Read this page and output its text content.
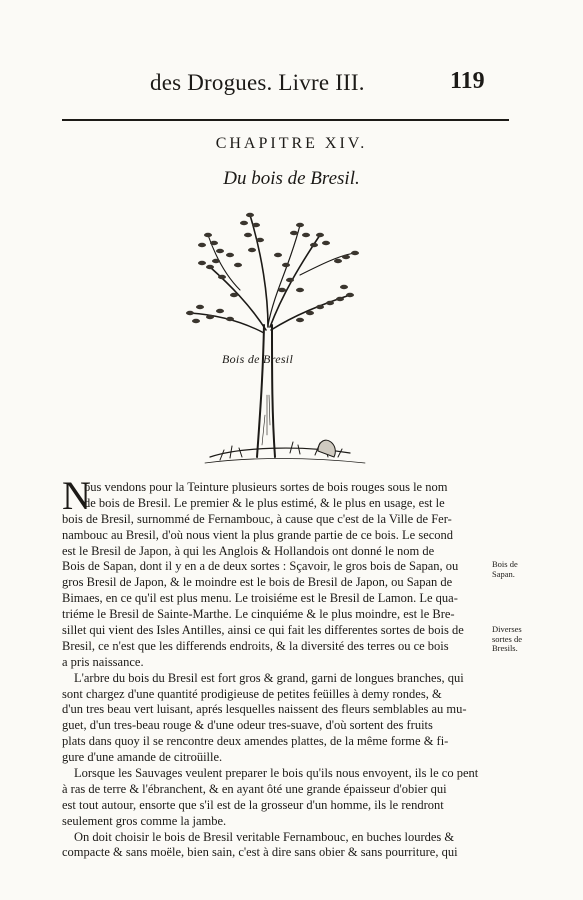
des Drogues. Livre III.	119
CHAPITRE XIV.
Du bois de Bresil.
Bois de Bresil
N
ous vendons pour la Teinture plusieurs sortes de bois rouges sous le nom
de bois de Bresil. Le premier & le plus estimé, & le plus en usage, est le
bois de Bresil, surnommé de Fernambouc, à cause que c'est de la Ville de Fer-
nambouc au Bresil, d'où nous vient la plus grande partie de ce bois. Le second
est le Bresil de Japon, à qui les Anglois & Hollandois ont donné le nom de
Bois de Sapan, dont il y en a de deux sortes : Sçavoir, le gros bois de Sapan, ou
gros Bresil de Japon, & le moindre est le bois de Bresil de Japon, ou Sapan de
Bimaes, en ce qu'il est plus menu. Le troisiéme est le Bresil de Lamon. Le qua-
triéme le Bresil de Sainte-Marthe. Le cinquiéme & le plus moindre, est le Bre-
sillet qui vient des Isles Antilles, ainsi ce qui fait les differentes sortes de bois de
Bresil, ce n'est que les differends endroits, & la diversité des terres ou ce bois
a pris naissance.
L'arbre du bois du Bresil est fort gros & grand, garni de longues branches, qui
sont chargez d'une quantité prodigieuse de petites feüilles à demy rondes, &
d'un tres beau vert luisant, aprés lesquelles naissent des fleurs semblables au mu-
guet, d'un tres-beau rouge & d'une odeur tres-suave, d'où sortent des fruits
plats dans quoy il se rencontre deux amendes plattes, de la même forme & fi-
gure d'une amande de citroüille.
Lorsque les Sauvages veulent preparer le bois qu'ils nous envoyent, ils le co pent
à ras de terre & l'ébranchent, & en ayant ôté une grande épaisseur d'obier qui
est tout autour, ensorte que s'il est de la grosseur d'un homme, ils le rendront
seulement gros comme la jambe.
On doit choisir le bois de Bresil veritable Fernambouc, en buches lourdes &
compacte & sans moële, bien sain, c'est à dire sans obier & sans pourriture, qui
Bois de
Sapan.
Diverses
sortes de
Bresils.
